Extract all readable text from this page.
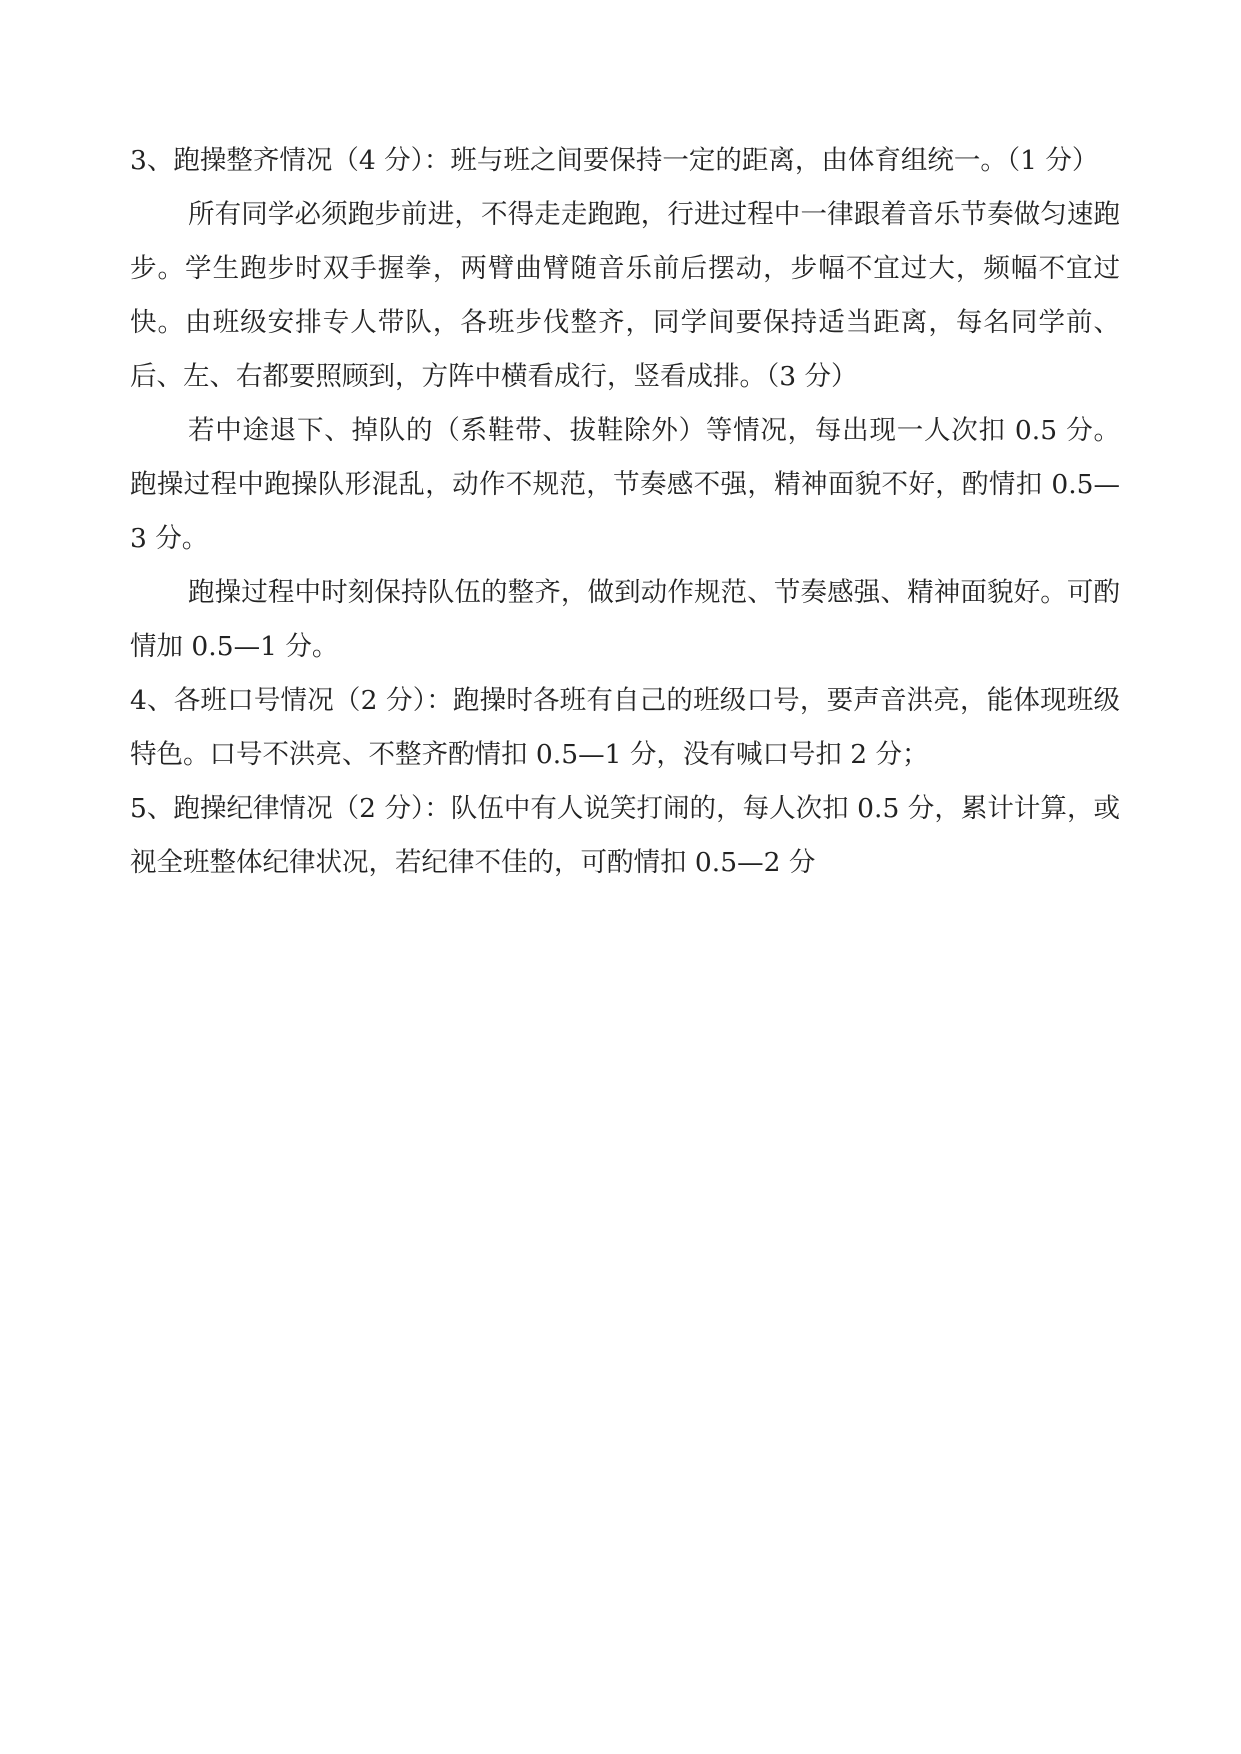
3、跑操整齐情况（4 分）：班与班之间要保持一定的距离，由体育组统一。（1 分）

所有同学必须跑步前进，不得走走跑跑，行进过程中一律跟着音乐节奏做匀速跑步。学生跑步时双手握拳，两臂曲臂随音乐前后摆动，步幅不宜过大，频幅不宜过快。由班级安排专人带队，各班步伐整齐，同学间要保持适当距离，每名同学前、后、左、右都要照顾到，方阵中横看成行，竖看成排。（3 分）

若中途退下、掉队的（系鞋带、拔鞋除外）等情况，每出现一人次扣 0.5 分。跑操过程中跑操队形混乱，动作不规范，节奏感不强，精神面貌不好，酌情扣 0.5—3 分。

跑操过程中时刻保持队伍的整齐，做到动作规范、节奏感强、精神面貌好。可酌情加 0.5—1 分。

4、各班口号情况（2 分）：跑操时各班有自己的班级口号，要声音洪亮，能体现班级特色。口号不洪亮、不整齐酌情扣 0.5—1 分，没有喊口号扣 2 分；

5、跑操纪律情况（2 分）：队伍中有人说笑打闹的，每人次扣 0.5 分，累计计算，或视全班整体纪律状况，若纪律不佳的，可酌情扣 0.5—2 分
